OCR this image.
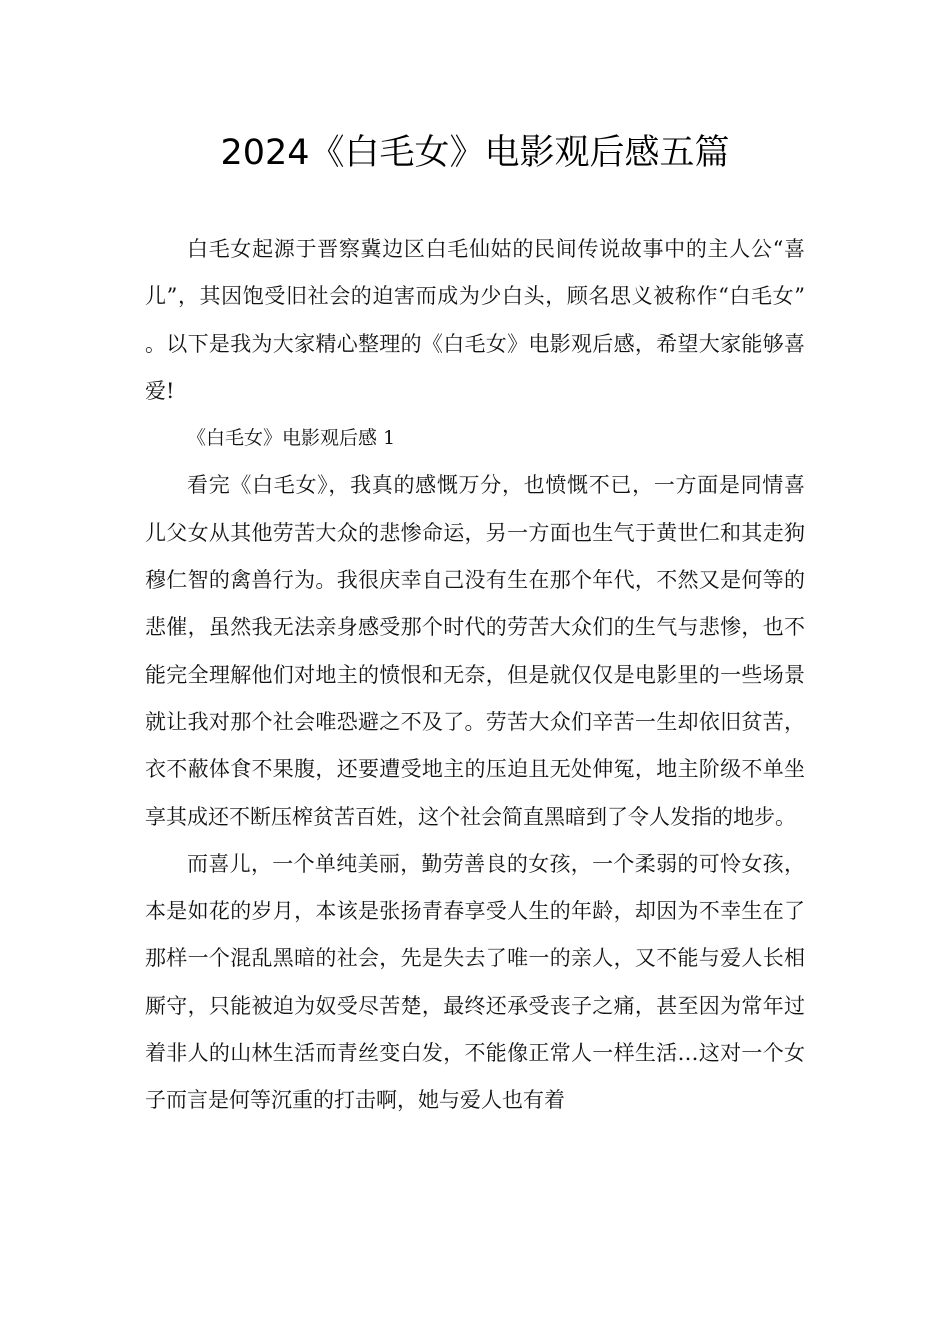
2024《白毛女》电影观后感五篇

白毛女起源于晋察冀边区白毛仙姑的民间传说故事中的主人公“喜儿”，其因饱受旧社会的迫害而成为少白头，顾名思义被称作“白毛女”。以下是我为大家精心整理的《白毛女》电影观后感，希望大家能够喜爱!

《白毛女》电影观后感 1

看完《白毛女》，我真的感慨万分，也愤慨不已，一方面是同情喜儿父女从其他劳苦大众的悲惨命运，另一方面也生气于黄世仁和其走狗穆仁智的禽兽行为。我很庆幸自己没有生在那个年代，不然又是何等的悲催，虽然我无法亲身感受那个时代的劳苦大众们的生气与悲惨，也不能完全理解他们对地主的愤恨和无奈，但是就仅仅是电影里的一些场景就让我对那个社会唯恐避之不及了。劳苦大众们辛苦一生却依旧贫苦，衣不蔽体食不果腹，还要遭受地主的压迫且无处伸冤，地主阶级不单坐享其成还不断压榨贫苦百姓，这个社会简直黑暗到了令人发指的地步。

而喜儿，一个单纯美丽，勤劳善良的女孩，一个柔弱的可怜女孩，本是如花的岁月，本该是张扬青春享受人生的年龄，却因为不幸生在了那样一个混乱黑暗的社会，先是失去了唯一的亲人，又不能与爱人长相厮守，只能被迫为奴受尽苦楚，最终还承受丧子之痛，甚至因为常年过着非人的山林生活而青丝变白发，不能像正常人一样生活…这对一个女子而言是何等沉重的打击啊，她与爱人也有着
